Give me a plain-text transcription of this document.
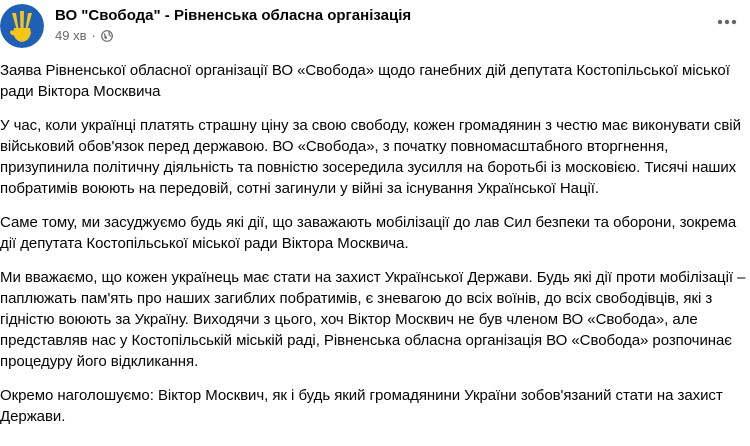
ВО "Свобода" - Рівненська обласна організація
49 хв ·

Заява Рівненської обласної організації ВО «Свобода» щодо ганебних дій депутата Костопільської міської ради Віктора Москвича

У час, коли українці платять страшну ціну за свою свободу, кожен громадянин з честю має виконувати свій військовий обов'язок перед державою. ВО «Свобода», з початку повномасштабного вторгнення, призупинила політичну діяльність та повністю зосередила зусилля на боротьбі із московією. Тисячі наших побратимів воюють на передовій, сотні загинули у війні за існування Української Нації.

Саме тому, ми засуджуємо будь які дії, що заважають мобілізації до лав Сил безпеки та оборони, зокрема дії депутата Костопільської міської ради Віктора Москвича.

Ми вважаємо, що кожен українець має стати на захист Української Держави. Будь які дії проти мобілізації – паплюжать пам'ять про наших загиблих побратимів, є зневагою до всіх воїнів, до всіх свободівців, які з гідністю воюють за Україну. Виходячи з цього, хоч Віктор Москвич не був членом ВО «Свобода», але представляв нас у Костопільській міській раді, Рівненська обласна організація ВО «Свобода» розпочинає процедуру його відкликання.

Окремо наголошуємо: Віктор Москвич, як і будь який громадянини України зобов'язаний стати на захист Держави.
